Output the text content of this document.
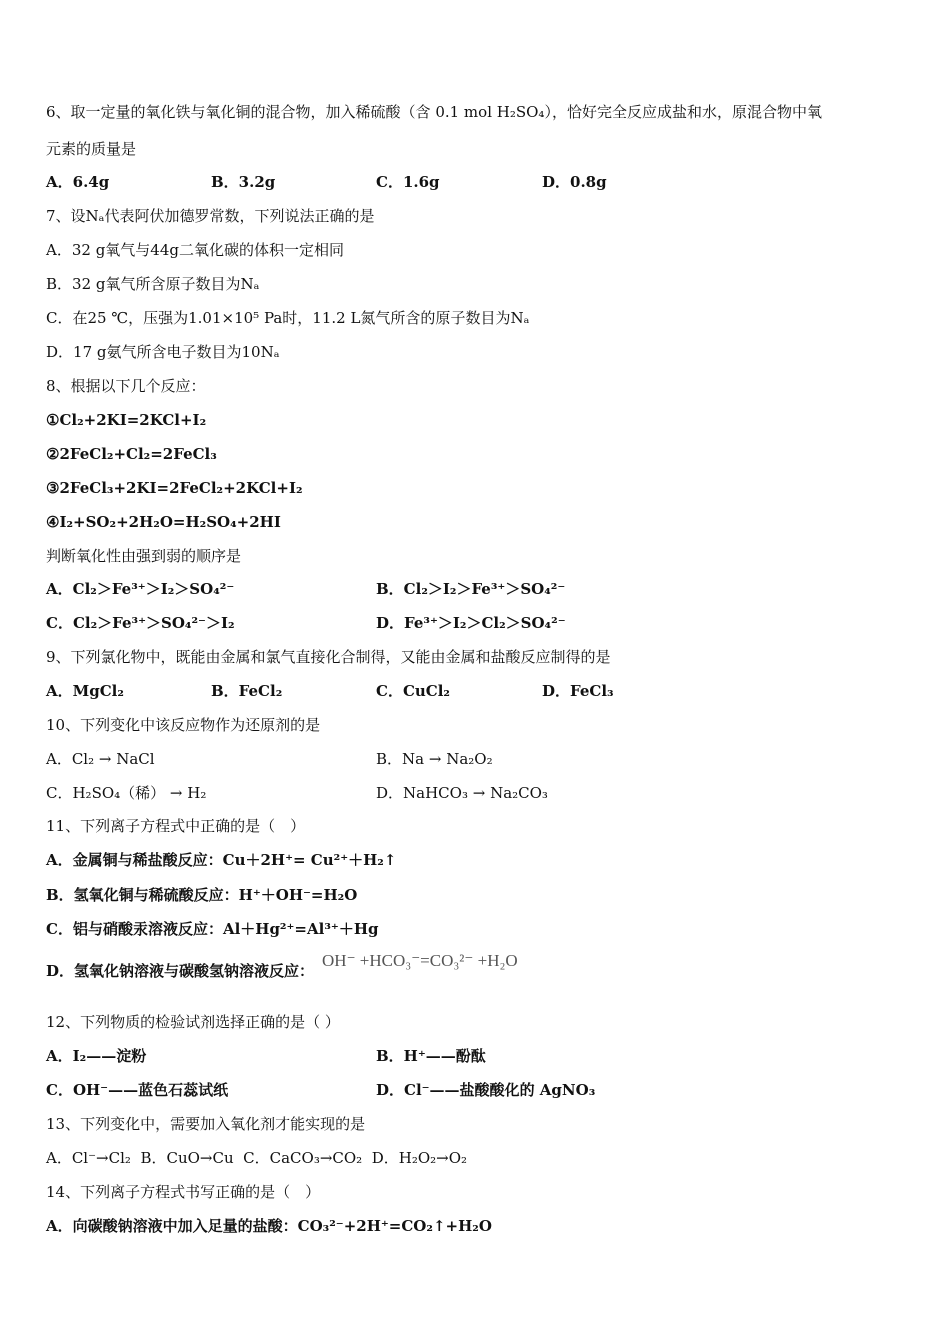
6、取一定量的氧化铁与氧化铜的混合物，加入稀硫酸（含 0.1 mol H₂SO₄），恰好完全反应成盐和水，原混合物中氧
元素的质量是
A．6.4g	B．3.2g	C．1.6g	D．0.8g
7、设Nₐ代表阿伏加德罗常数，下列说法正确的是
A．32 g氧气与44g二氧化碳的体积一定相同
B．32 g氧气所含原子数目为Nₐ
C．在25 ℃，压强为1.01×10⁵ Pa时，11.2 L氮气所含的原子数目为Nₐ
D．17 g氨气所含电子数目为10Nₐ
8、根据以下几个反应：
①Cl₂+2KI=2KCl+I₂
②2FeCl₂+Cl₂=2FeCl₃
③2FeCl₃+2KI=2FeCl₂+2KCl+I₂
④I₂+SO₂+2H₂O=H₂SO₄+2HI
判断氧化性由强到弱的顺序是
A．Cl₂＞Fe³⁺＞I₂＞SO₄²⁻	B．Cl₂＞I₂＞Fe³⁺＞SO₄²⁻
C．Cl₂＞Fe³⁺＞SO₄²⁻＞I₂	D．Fe³⁺＞I₂＞Cl₂＞SO₄²⁻
9、下列氯化物中，既能由金属和氯气直接化合制得，又能由金属和盐酸反应制得的是
A．MgCl₂	B．FeCl₂	C．CuCl₂	D．FeCl₃
10、下列变化中该反应物作为还原剂的是
A．Cl₂ → NaCl	B．Na → Na₂O₂
C．H₂SO₄（稀） → H₂	D．NaHCO₃ → Na₂CO₃
11、下列离子方程式中正确的是（　）
A．金属铜与稀盐酸反应：Cu＋2H⁺= Cu²⁺＋H₂↑
B．氢氧化铜与稀硫酸反应：H⁺＋OH⁻=H₂O
C．铝与硝酸汞溶液反应：Al＋Hg²⁺=Al³⁺＋Hg
D．氢氧化钠溶液与碳酸氢钠溶液反应：OH⁻ +HCO₃⁻=CO₃²⁻ +H₂O
12、下列物质的检验试剂选择正确的是（ ）
A．I₂——淀粉	B．H⁺——酚酞
C．OH⁻——蓝色石蕊试纸	D．Cl⁻——盐酸酸化的 AgNO₃
13、下列变化中，需要加入氧化剂才能实现的是
A．Cl⁻→Cl₂ B．CuO→Cu C．CaCO₃→CO₂ D．H₂O₂→O₂
14、下列离子方程式书写正确的是（　）
A．向碳酸钠溶液中加入足量的盐酸：CO₃²⁻+2H⁺=CO₂↑+H₂O
